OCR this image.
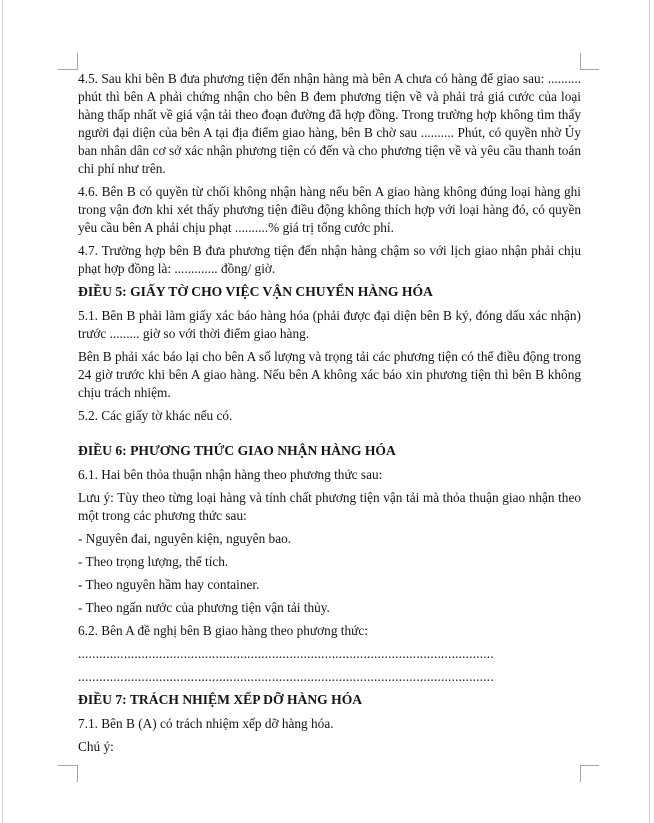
4.5. Sau khi bên B đưa phương tiện đến nhận hàng mà bên A chưa có hàng để giao sau: .......... phút thì bên A phải chứng nhận cho bên B đem phương tiện về và phải trả giá cước của loại hàng thấp nhất về giá vận tải theo đoạn đường đã hợp đồng. Trong trường hợp không tìm thấy người đại diện của bên A tại địa điểm giao hàng, bên B chờ sau .......... Phút, có quyền nhờ Ủy ban nhân dân cơ sở xác nhận phương tiện có đến và cho phương tiện về và yêu cầu thanh toán chi phí như trên.

4.6. Bên B có quyền từ chối không nhận hàng nếu bên A giao hàng không đúng loại hàng ghi trong vận đơn khi xét thấy phương tiện điều động không thích hợp với loại hàng đó, có quyền yêu cầu bên A phải chịu phạt ..........% giá trị tổng cước phí.

4.7. Trường hợp bên B đưa phương tiện đến nhận hàng chậm so với lịch giao nhận phải chịu phạt hợp đồng là: ............. đồng/ giờ.

ĐIỀU 5: GIẤY TỜ CHO VIỆC VẬN CHUYỂN HÀNG HÓA

5.1. Bên B phải làm giấy xác báo hàng hóa (phải được đại diện bên B ký, đóng dấu xác nhận) trước ......... giờ so với thời điểm giao hàng.

Bên B phải xác báo lại cho bên A số lượng và trọng tải các phương tiện có thể điều động trong 24 giờ trước khi bên A giao hàng. Nếu bên A không xác báo xin phương tiện thì bên B không chịu trách nhiệm.

5.2. Các giấy tờ khác nếu có.

ĐIỀU 6: PHƯƠNG THỨC GIAO NHẬN HÀNG HÓA

6.1. Hai bên thỏa thuận nhận hàng theo phương thức sau:

Lưu ý: Tùy theo từng loại hàng và tính chất phương tiện vận tải mà thỏa thuận giao nhận theo một trong các phương thức sau:

- Nguyên đai, nguyên kiện, nguyên bao.

- Theo trọng lượng, thể tích.

- Theo nguyên hầm hay container.

- Theo ngấn nước của phương tiện vận tải thủy.

6.2. Bên A đề nghị bên B giao hàng theo phương thức:

......................................................................................................................

......................................................................................................................

ĐIỀU 7: TRÁCH NHIỆM XẾP DỠ HÀNG HÓA

7.1. Bên B (A) có trách nhiệm xếp dỡ hàng hóa.

Chú ý:
